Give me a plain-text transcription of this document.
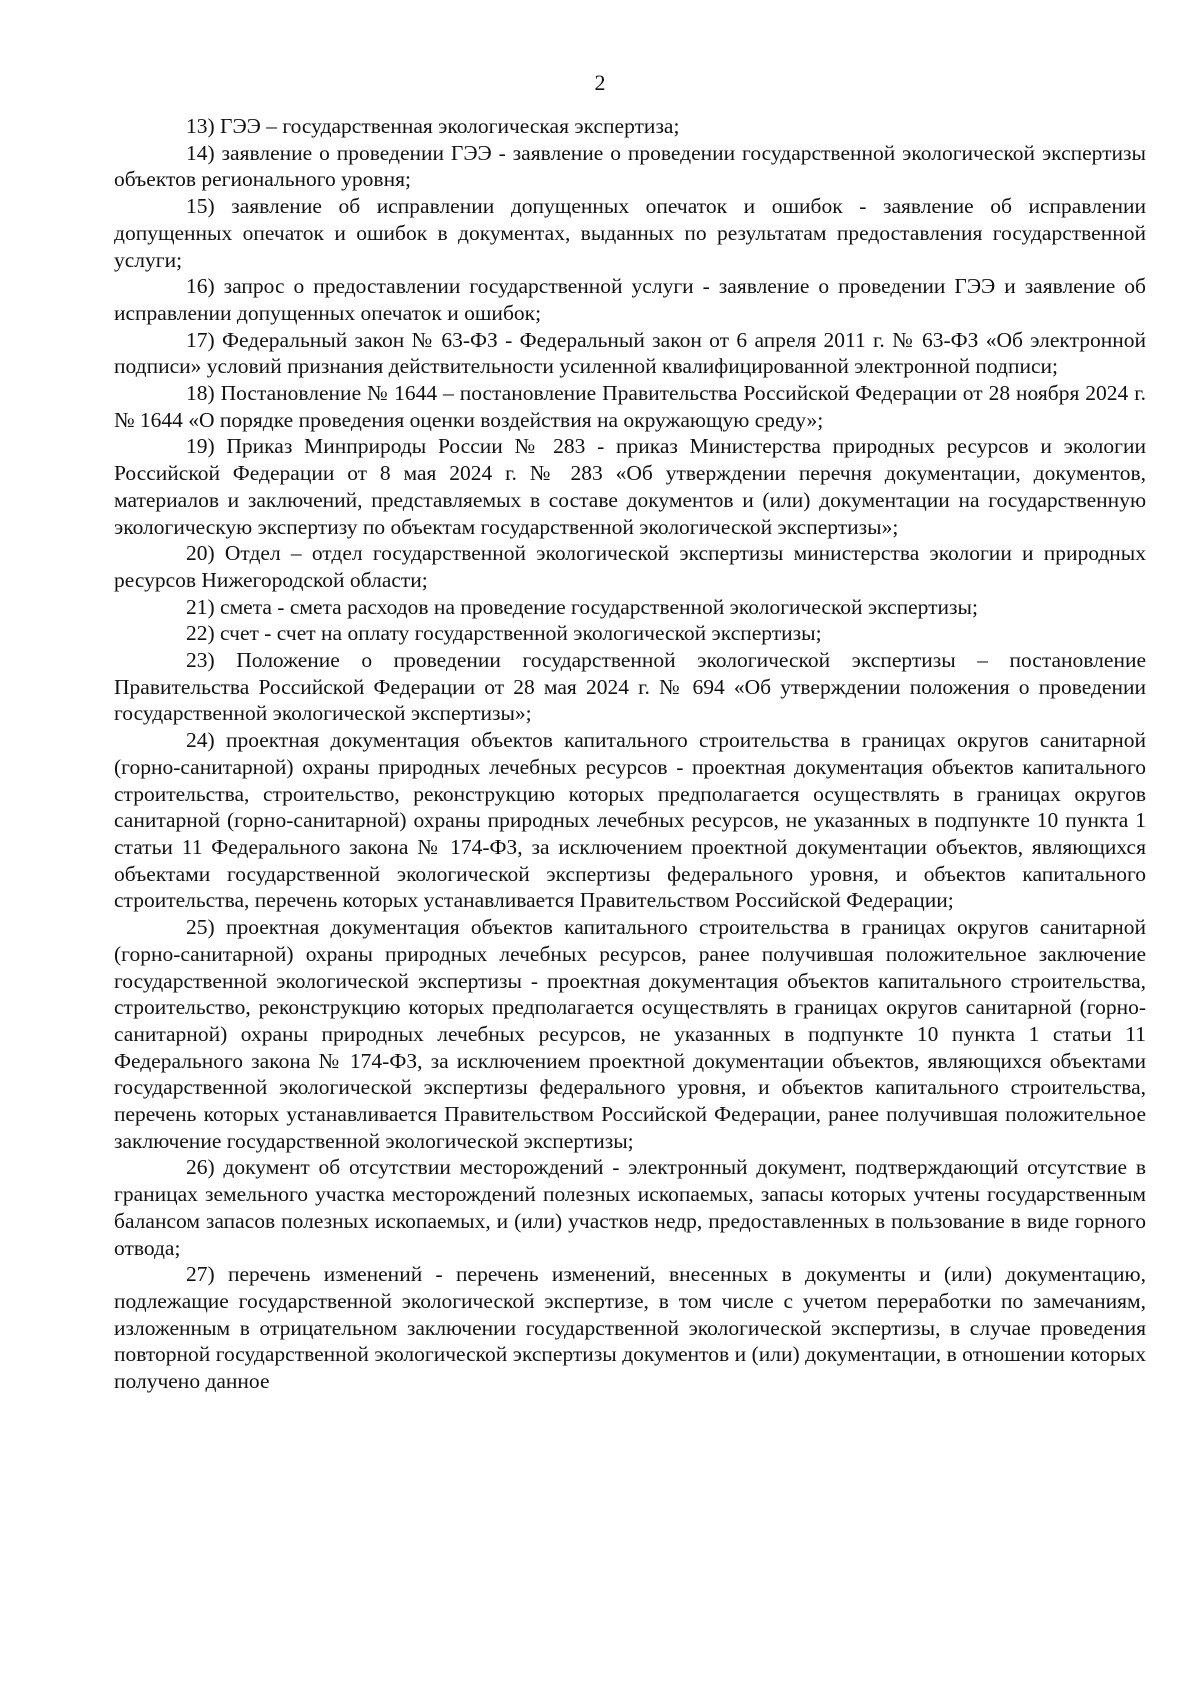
2

13) ГЭЭ – государственная экологическая экспертиза;

14) заявление о проведении ГЭЭ - заявление о проведении государственной экологической экспертизы объектов регионального уровня;

15) заявление об исправлении допущенных опечаток и ошибок - заявление об исправлении допущенных опечаток и ошибок в документах, выданных по результатам предоставления государственной услуги;

16) запрос о предоставлении государственной услуги - заявление о проведении ГЭЭ и заявление об исправлении допущенных опечаток и ошибок;

17) Федеральный закон № 63-ФЗ - Федеральный закон от 6 апреля 2011 г. № 63-ФЗ «Об электронной подписи» условий признания действительности усиленной квалифицированной электронной подписи;

18) Постановление № 1644 – постановление Правительства Российской Федерации от 28 ноября 2024 г. № 1644 «О порядке проведения оценки воздействия на окружающую среду»;

19) Приказ Минприроды России № 283 - приказ Министерства природных ресурсов и экологии Российской Федерации от 8 мая 2024 г. № 283 «Об утверждении перечня документации, документов, материалов и заключений, представляемых в составе документов и (или) документации на государственную экологическую экспертизу по объектам государственной экологической экспертизы»;

20) Отдел – отдел государственной экологической экспертизы министерства экологии и природных ресурсов Нижегородской области;

21) смета - смета расходов на проведение государственной экологической экспертизы;

22) счет - счет на оплату государственной экологической экспертизы;

23) Положение о проведении государственной экологической экспертизы – постановление Правительства Российской Федерации от 28 мая 2024 г. № 694 «Об утверждении положения о проведении государственной экологической экспертизы»;

24) проектная документация объектов капитального строительства в границах округов санитарной (горно-санитарной) охраны природных лечебных ресурсов - проектная документация объектов капитального строительства, строительство, реконструкцию которых предполагается осуществлять в границах округов санитарной (горно-санитарной) охраны природных лечебных ресурсов, не указанных в подпункте 10 пункта 1 статьи 11 Федерального закона № 174-ФЗ, за исключением проектной документации объектов, являющихся объектами государственной экологической экспертизы федерального уровня, и объектов капитального строительства, перечень которых устанавливается Правительством Российской Федерации;

25) проектная документация объектов капитального строительства в границах округов санитарной (горно-санитарной) охраны природных лечебных ресурсов, ранее получившая положительное заключение государственной экологической экспертизы - проектная документация объектов капитального строительства, строительство, реконструкцию которых предполагается осуществлять в границах округов санитарной (горно-санитарной) охраны природных лечебных ресурсов, не указанных в подпункте 10 пункта 1 статьи 11 Федерального закона № 174-ФЗ, за исключением проектной документации объектов, являющихся объектами государственной экологической экспертизы федерального уровня, и объектов капитального строительства, перечень которых устанавливается Правительством Российской Федерации, ранее получившая положительное заключение государственной экологической экспертизы;

26) документ об отсутствии месторождений - электронный документ, подтверждающий отсутствие в границах земельного участка месторождений полезных ископаемых, запасы которых учтены государственным балансом запасов полезных ископаемых, и (или) участков недр, предоставленных в пользование в виде горного отвода;

27) перечень изменений - перечень изменений, внесенных в документы и (или) документацию, подлежащие государственной экологической экспертизе, в том числе с учетом переработки по замечаниям, изложенным в отрицательном заключении государственной экологической экспертизы, в случае проведения повторной государственной экологической экспертизы документов и (или) документации, в отношении которых получено данное
